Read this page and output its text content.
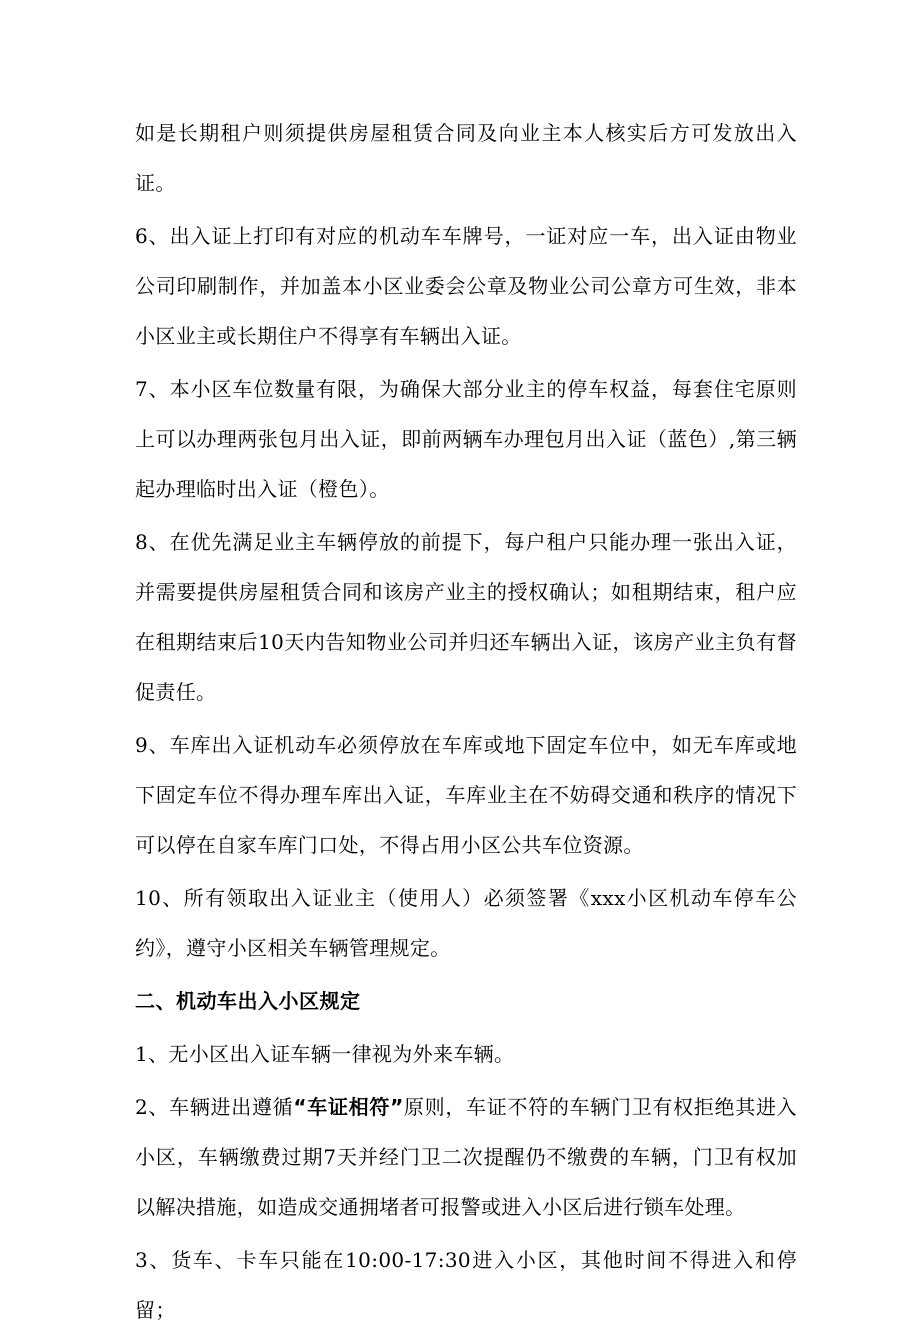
如是长期租户则须提供房屋租赁合同及向业主本人核实后方可发放出入证。

6、出入证上打印有对应的机动车车牌号，一证对应一车，出入证由物业公司印刷制作，并加盖本小区业委会公章及物业公司公章方可生效，非本小区业主或长期住户不得享有车辆出入证。

7、本小区车位数量有限，为确保大部分业主的停车权益，每套住宅原则上可以办理两张包月出入证，即前两辆车办理包月出入证（蓝色）,第三辆起办理临时出入证（橙色）。

8、在优先满足业主车辆停放的前提下，每户租户只能办理一张出入证，并需要提供房屋租赁合同和该房产业主的授权确认；如租期结束，租户应在租期结束后10天内告知物业公司并归还车辆出入证，该房产业主负有督促责任。

9、车库出入证机动车必须停放在车库或地下固定车位中，如无车库或地下固定车位不得办理车库出入证，车库业主在不妨碍交通和秩序的情况下可以停在自家车库门口处，不得占用小区公共车位资源。

10、所有领取出入证业主（使用人）必须签署《xxx小区机动车停车公约》，遵守小区相关车辆管理规定。

二、机动车出入小区规定

1、无小区出入证车辆一律视为外来车辆。

2、车辆进出遵循“车证相符”原则，车证不符的车辆门卫有权拒绝其进入小区，车辆缴费过期7天并经门卫二次提醒仍不缴费的车辆，门卫有权加以解决措施，如造成交通拥堵者可报警或进入小区后进行锁车处理。

3、货车、卡车只能在10:00-17:30进入小区，其他时间不得进入和停留；
